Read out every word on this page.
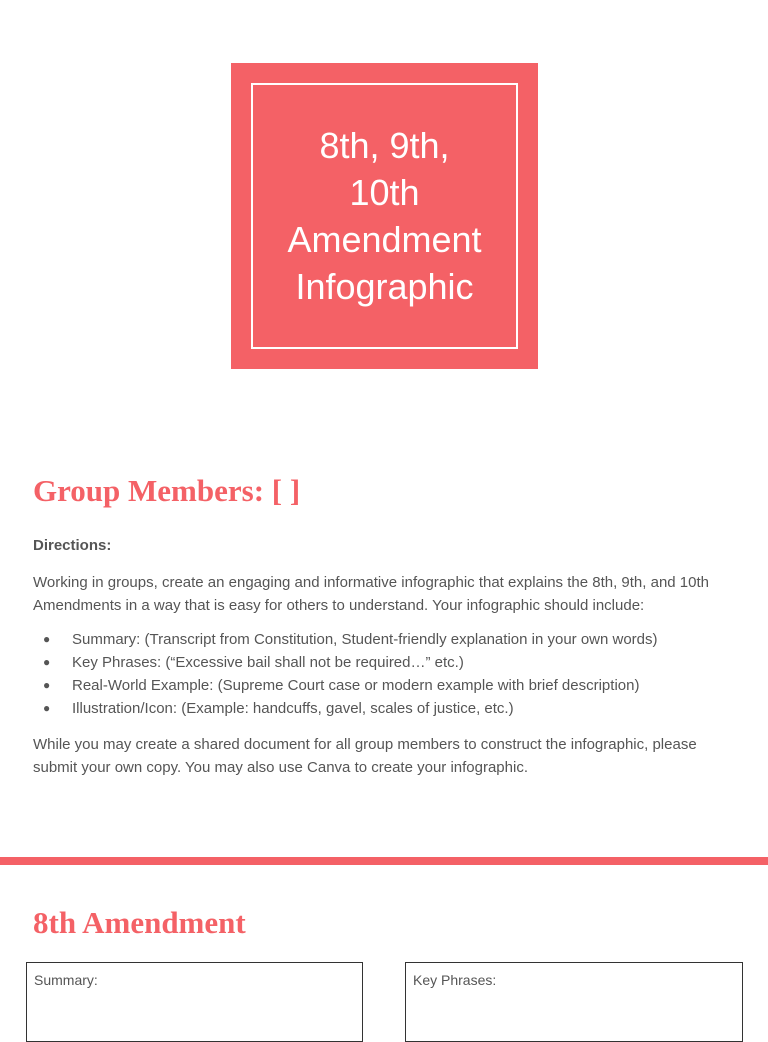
8th, 9th,
10th
Amendment
Infographic
Group Members: [ ]
Directions:

Working in groups, create an engaging and informative infographic that explains the 8th, 9th, and 10th Amendments in a way that is easy for others to understand. Your infographic should include:

● Summary: (Transcript from Constitution, Student-friendly explanation in your own words)
● Key Phrases: (“Excessive bail shall not be required…” etc.)
● Real-World Example: (Supreme Court case or modern example with brief description)
● Illustration/Icon: (Example: handcuffs, gavel, scales of justice, etc.)

While you may create a shared document for all group members to construct the infographic, please submit your own copy. You may also use Canva to create your infographic.

8th Amendment
Summary:	Key Phrases:
